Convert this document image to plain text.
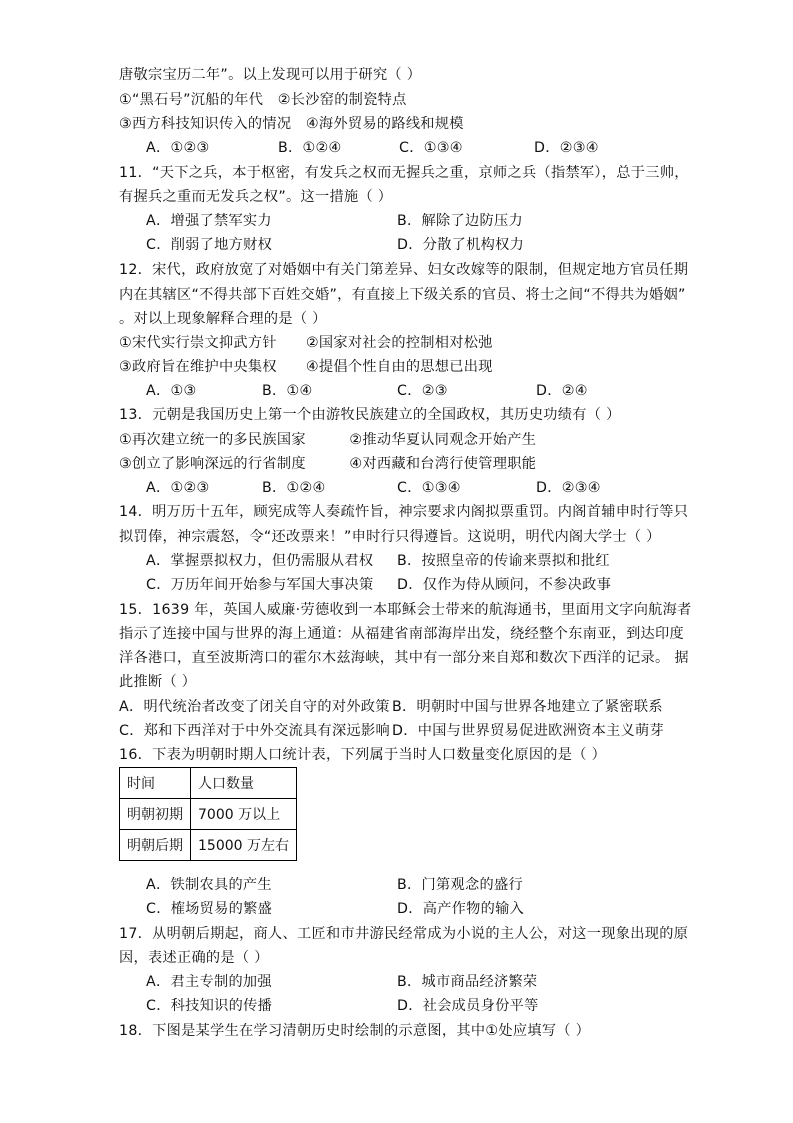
唐敬宗宝历二年”。以上发现可以用于研究（ ）
①“黑石号”沉船的年代　②长沙窑的制瓷特点
③西方科技知识传入的情况　④海外贸易的路线和规模
A．①②③	B．①②④	C．①③④	D．②③④
11．“天下之兵，本于枢密，有发兵之权而无握兵之重，京师之兵（指禁军），总于三帅，
有握兵之重而无发兵之权”。这一措施（ ）
A．增强了禁军实力	B．解除了边防压力
C．削弱了地方财权	D．分散了机构权力
12．宋代，政府放宽了对婚姻中有关门第差异、妇女改嫁等的限制，但规定地方官员任期
内在其辖区“不得共部下百姓交婚”，有直接上下级关系的官员、将士之间“不得共为婚姻”
。对以上现象解释合理的是（ ）
①宋代实行崇文抑武方针　　②国家对社会的控制相对松弛
③政府旨在维护中央集权　　④提倡个性自由的思想已出现
A．①③	B．①④	C．②③	D．②④
13．元朝是我国历史上第一个由游牧民族建立的全国政权，其历史功绩有（ ）
①再次建立统一的多民族国家　　　②推动华夏认同观念开始产生
③创立了影响深远的行省制度　　　④对西藏和台湾行使管理职能
A．①②③	B．①②④	C．①③④	D．②③④
14．明万历十五年，顾宪成等人奏疏忤旨，神宗要求内阁拟票重罚。内阁首辅申时行等只
拟罚俸，神宗震怒，令“还改票来！”申时行只得遵旨。这说明，明代内阁大学士（ ）
A．掌握票拟权力，但仍需服从君权 B．按照皇帝的传谕来票拟和批红
C．万历年间开始参与军国大事决策 D．仅作为侍从顾问，不参决政事
15．1639 年，英国人威廉·劳德收到一本耶稣会士带来的航海通书，里面用文字向航海者
指示了连接中国与世界的海上通道：从福建省南部海岸出发，绕经整个东南亚，到达印度
洋各港口，直至波斯湾口的霍尔木兹海峡，其中有一部分来自郑和数次下西洋的记录。 据
此推断（ ）
A．明代统治者改变了闭关自守的对外政策 B．明朝时中国与世界各地建立了紧密联系
C．郑和下西洋对于中外交流具有深远影响 D．中国与世界贸易促进欧洲资本主义萌芽
16．下表为明朝时期人口统计表，下列属于当时人口数量变化原因的是（ ）
时间	人口数量
明朝初期	7000 万以上
明朝后期	15000 万左右
A．铁制农具的产生	B．门第观念的盛行
C．榷场贸易的繁盛	D．高产作物的输入
17．从明朝后期起，商人、工匠和市井游民经常成为小说的主人公，对这一现象出现的原
因，表述正确的是（ ）
A．君主专制的加强	B．城市商品经济繁荣
C．科技知识的传播	D．社会成员身份平等
18．下图是某学生在学习清朝历史时绘制的示意图，其中①处应填写（ ）
